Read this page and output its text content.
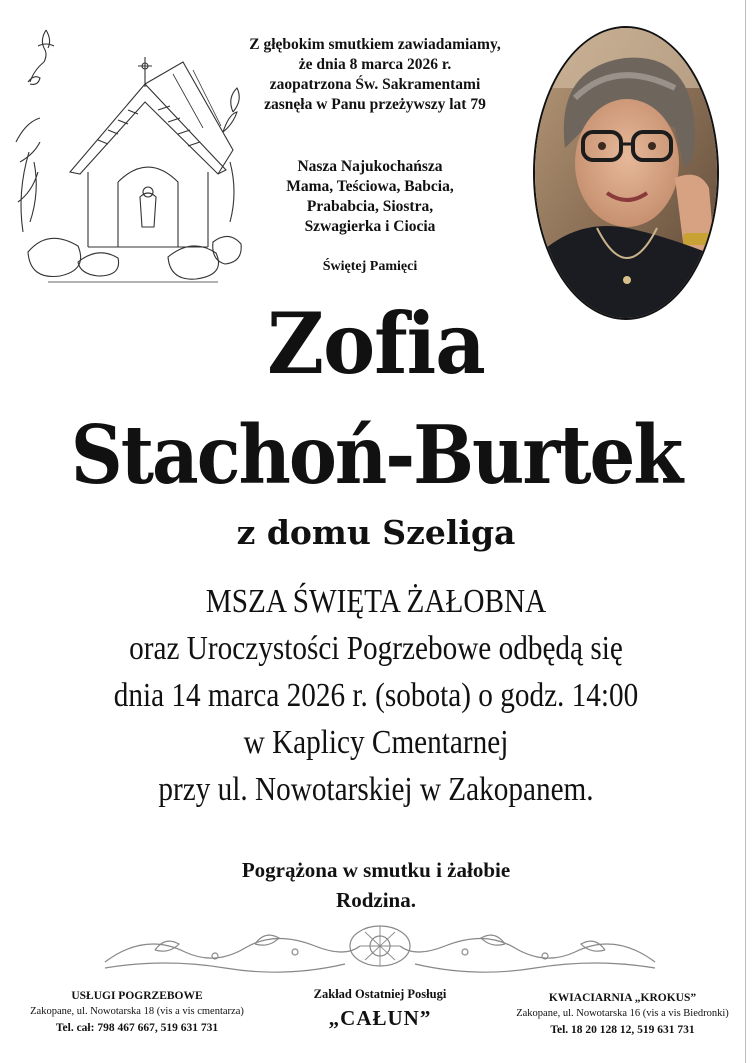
Z głębokim smutkiem zawiadamiamy,
że dnia 8 marca 2026 r.
zaopatrzona Św. Sakramentami
zasnęła w Panu przeżywszy lat 79
Nasza Najukochańsza
Mama, Teściowa, Babcia,
Prababcia, Siostra,
Szwagierka i Ciocia
Świętej Pamięci
Zofia
Stachoń-Burtek
z domu Szeliga
MSZA ŚWIĘTA ŻAŁOBNA
oraz Uroczystości Pogrzebowe odbędą się
dnia 14 marca 2026 r. (sobota) o godz. 14:00
w Kaplicy Cmentarnej
przy ul. Nowotarskiej w Zakopanem.
Pogrążona w smutku i żałobie
Rodzina.
USŁUGI POGRZEBOWE
Zakopane, ul. Nowotarska 18 (vis a vis cmentarza)
Tel. cał: 798 467 667, 519 631 731
Zakład Ostatniej Posługi
„CAŁUN”
KWIACIARNIA „KROKUS”
Zakopane, ul. Nowotarska 16 (vis a vis Biedronki)
Tel. 18 20 128 12, 519 631 731
